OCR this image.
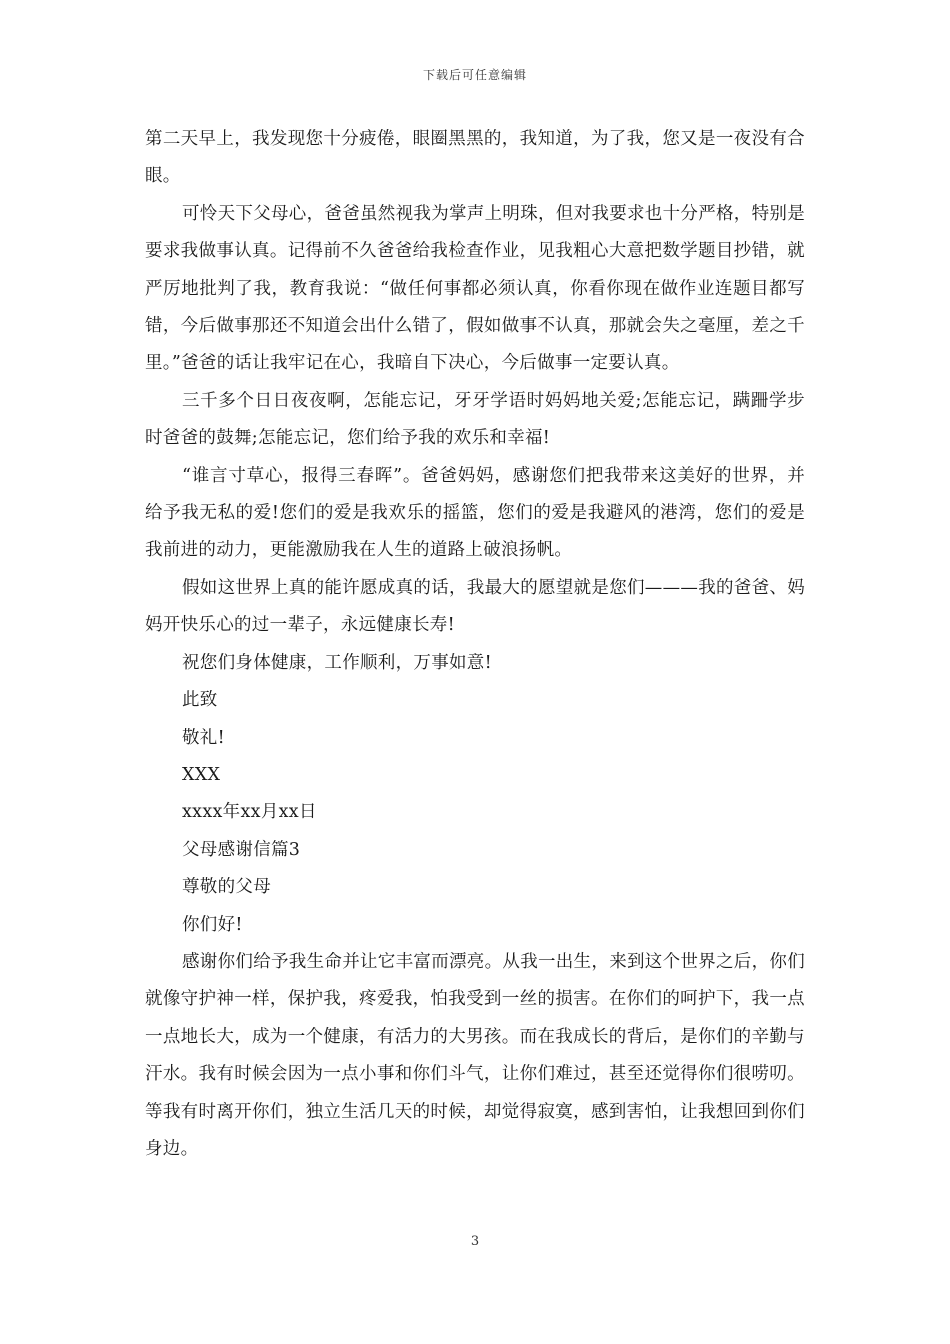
下载后可任意编辑

第二天早上，我发现您十分疲倦，眼圈黑黑的，我知道，为了我，您又是一夜没有合眼。

可怜天下父母心，爸爸虽然视我为掌声上明珠，但对我要求也十分严格，特别是要求我做事认真。记得前不久爸爸给我检查作业，见我粗心大意把数学题目抄错，就严厉地批判了我，教育我说：“做任何事都必须认真，你看你现在做作业连题目都写错，今后做事那还不知道会出什么错了，假如做事不认真，那就会失之毫厘，差之千里。”爸爸的话让我牢记在心，我暗自下决心，今后做事一定要认真。

三千多个日日夜夜啊，怎能忘记，牙牙学语时妈妈地关爱;怎能忘记，蹒跚学步时爸爸的鼓舞;怎能忘记，您们给予我的欢乐和幸福!

“谁言寸草心，报得三春晖”。爸爸妈妈，感谢您们把我带来这美好的世界，并给予我无私的爱!您们的爱是我欢乐的摇篮，您们的爱是我避风的港湾，您们的爱是我前进的动力，更能激励我在人生的道路上破浪扬帆。

假如这世界上真的能许愿成真的话，我最大的愿望就是您们———我的爸爸、妈妈开快乐心的过一辈子，永远健康长寿!

祝您们身体健康，工作顺利，万事如意!

此致

敬礼!

XXX

xxxx年xx月xx日

父母感谢信篇3

尊敬的父母

你们好!

感谢你们给予我生命并让它丰富而漂亮。从我一出生，来到这个世界之后，你们就像守护神一样，保护我，疼爱我，怕我受到一丝的损害。在你们的呵护下，我一点一点地长大，成为一个健康，有活力的大男孩。而在我成长的背后，是你们的辛勤与汗水。我有时候会因为一点小事和你们斗气，让你们难过，甚至还觉得你们很唠叨。等我有时离开你们，独立生活几天的时候，却觉得寂寞，感到害怕，让我想回到你们身边。

3
